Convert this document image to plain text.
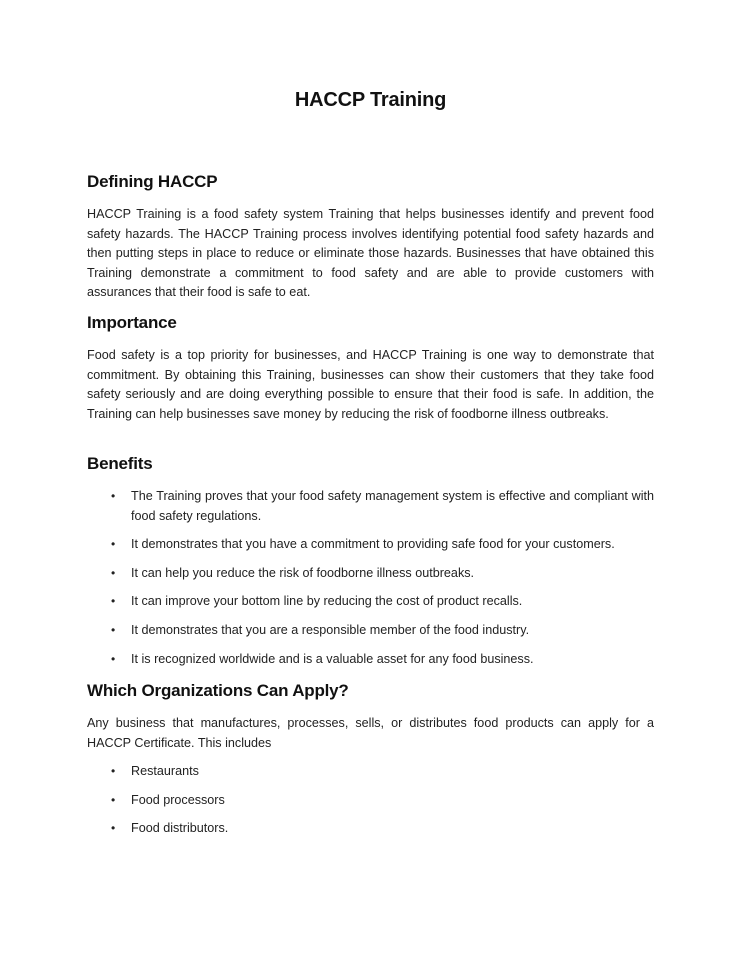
HACCP Training
Defining HACCP

HACCP Training is a food safety system Training that helps businesses identify and prevent food safety hazards. The HACCP Training process involves identifying potential food safety hazards and then putting steps in place to reduce or eliminate those hazards. Businesses that have obtained this Training demonstrate a commitment to food safety and are able to provide customers with assurances that their food is safe to eat.

Importance

Food safety is a top priority for businesses, and HACCP Training is one way to demonstrate that commitment. By obtaining this Training, businesses can show their customers that they take food safety seriously and are doing everything possible to ensure that their food is safe. In addition, the Training can help businesses save money by reducing the risk of foodborne illness outbreaks.

Benefits
• The Training proves that your food safety management system is effective and compliant with food safety regulations.
• It demonstrates that you have a commitment to providing safe food for your customers.
• It can help you reduce the risk of foodborne illness outbreaks.
• It can improve your bottom line by reducing the cost of product recalls.
• It demonstrates that you are a responsible member of the food industry.
• It is recognized worldwide and is a valuable asset for any food business.
Which Organizations Can Apply?

Any business that manufactures, processes, sells, or distributes food products can apply for a HACCP Certificate. This includes

• Restaurants
• Food processors
• Food distributors.
